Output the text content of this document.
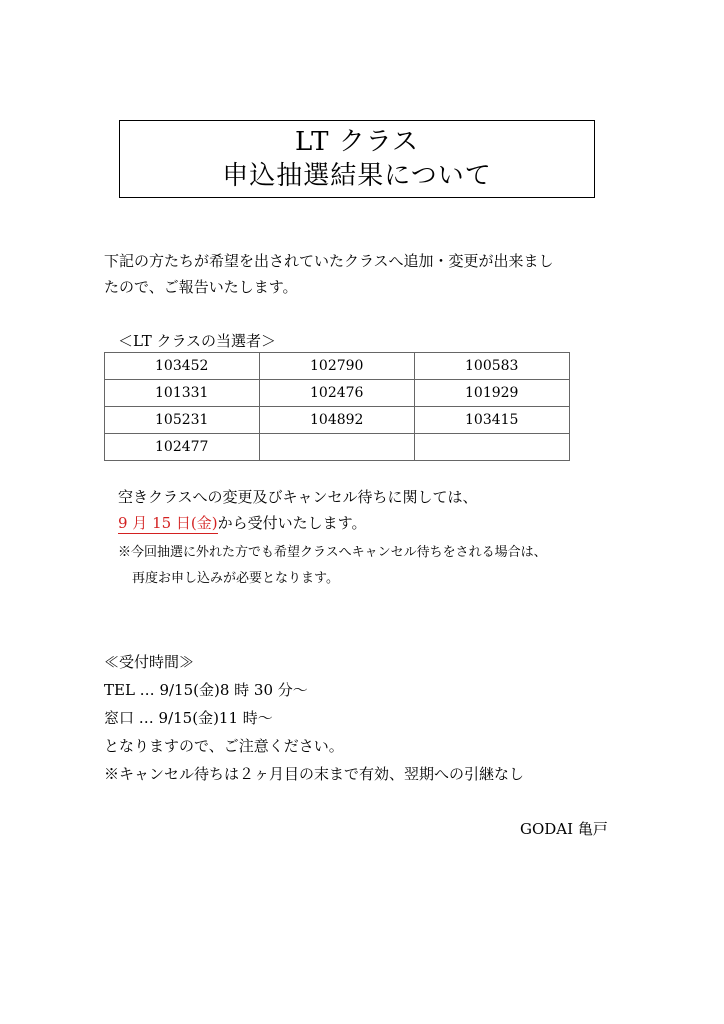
LT クラス
申込抽選結果について

下記の方たちが希望を出されていたクラスへ追加・変更が出来まし

たので、ご報告いたします。

＜LT クラスの当選者＞
103452	102790	100583
101331	102476	101929
105231	104892	103415
102477		

空きクラスへの変更及びキャンセル待ちに関しては、

9 月 15 日(金)から受付いたします。

※今回抽選に外れた方でも希望クラスへキャンセル待ちをされる場合は、

再度お申し込みが必要となります。

≪受付時間≫

TEL … 9/15(金)8 時 30 分～

窓口 … 9/15(金)11 時～

となりますので、ご注意ください。

※キャンセル待ちは２ヶ月目の末まで有効、翌期への引継なし

GODAI 亀戸
